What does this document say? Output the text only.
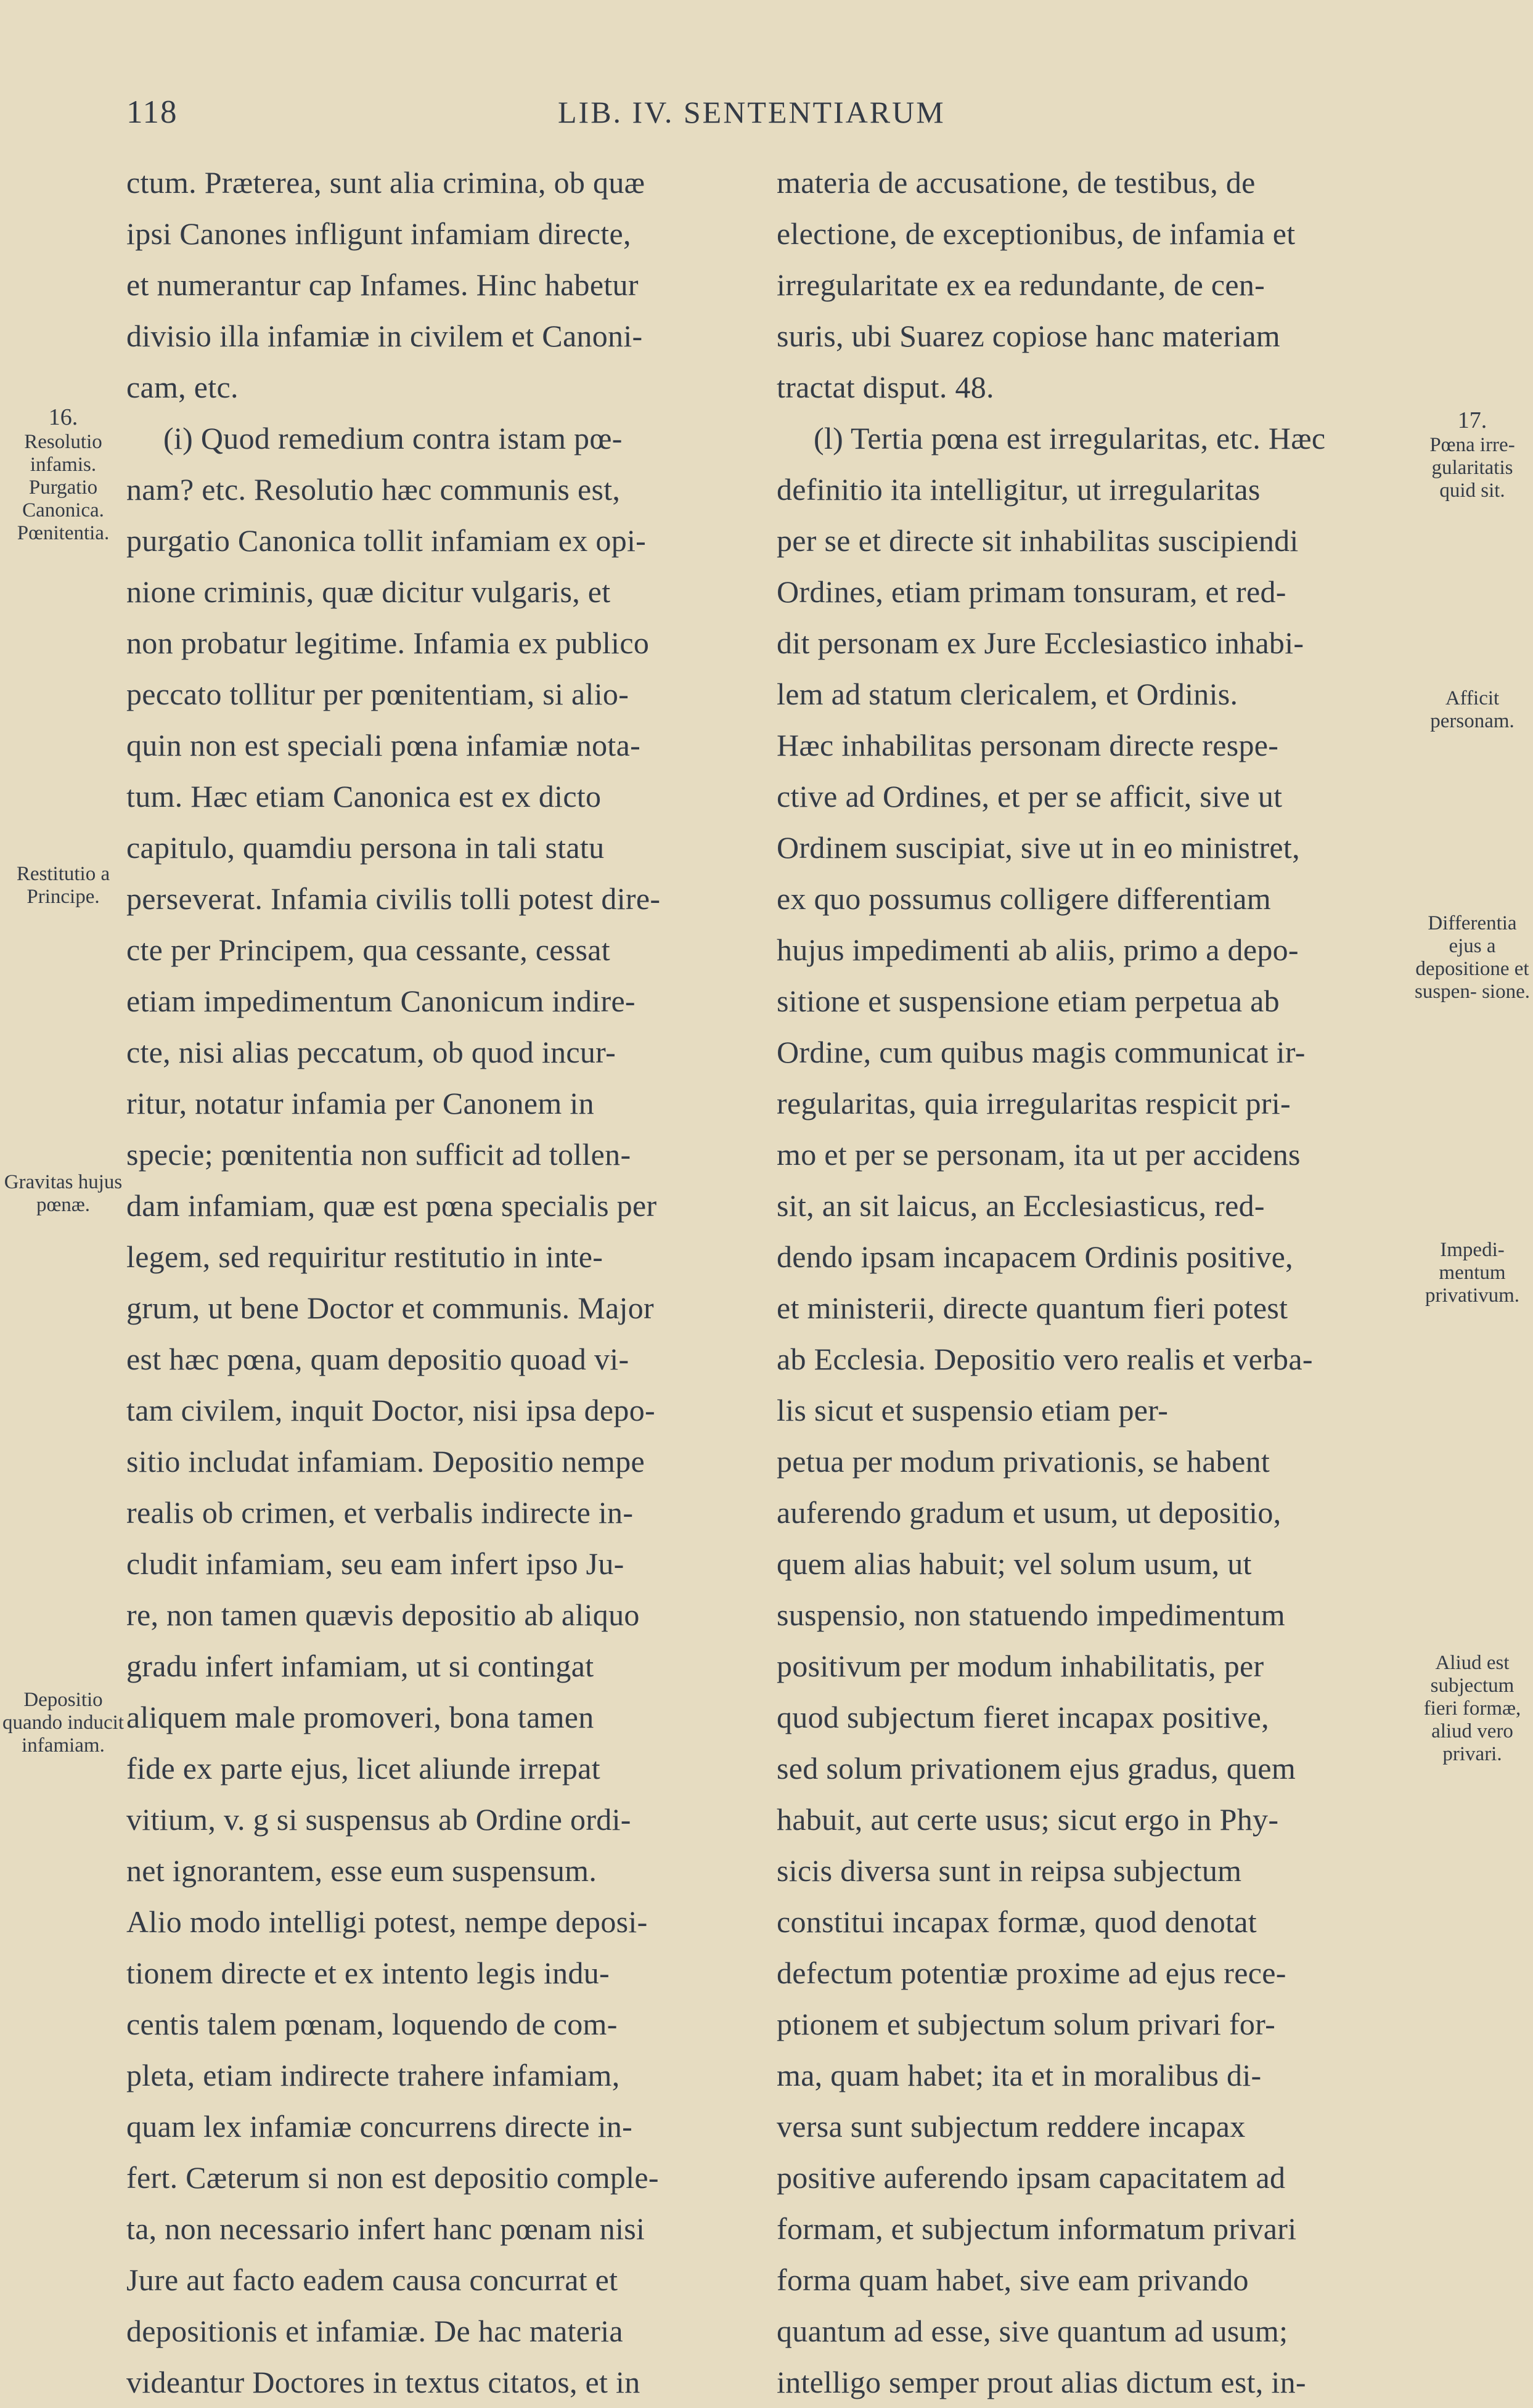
118	LIB. IV. SENTENTIARUM
ctum. Præterea, sunt alia crimina, ob quæ
ipsi Canones infligunt infamiam directe,
et numerantur cap Infames. Hinc habetur
divisio illa infamiæ in civilem et Canoni-
cam, etc.
(i) Quod remedium contra istam pœ-
nam? etc. Resolutio hæc communis est,
purgatio Canonica tollit infamiam ex opi-
nione criminis, quæ dicitur vulgaris, et
non probatur legitime. Infamia ex publico
peccato tollitur per pœnitentiam, si alio-
quin non est speciali pœna infamiæ nota-
tum. Hæc etiam Canonica est ex dicto
capitulo, quamdiu persona in tali statu
perseverat. Infamia civilis tolli potest dire-
cte per Principem, qua cessante, cessat
etiam impedimentum Canonicum indire-
cte, nisi alias peccatum, ob quod incur-
ritur, notatur infamia per Canonem in
specie; pœnitentia non sufficit ad tollen-
dam infamiam, quæ est pœna specialis per
legem, sed requiritur restitutio in inte-
grum, ut bene Doctor et communis. Major
est hæc pœna, quam depositio quoad vi-
tam civilem, inquit Doctor, nisi ipsa depo-
sitio includat infamiam. Depositio nempe
realis ob crimen, et verbalis indirecte in-
cludit infamiam, seu eam infert ipso Ju-
re, non tamen quævis depositio ab aliquo
gradu infert infamiam, ut si contingat
aliquem male promoveri, bona tamen
fide ex parte ejus, licet aliunde irrepat
vitium, v. g si suspensus ab Ordine ordi-
net ignorantem, esse eum suspensum.
Alio modo intelligi potest, nempe deposi-
tionem directe et ex intento legis indu-
centis talem pœnam, loquendo de com-
pleta, etiam indirecte trahere infamiam,
quam lex infamiæ concurrens directe in-
fert. Cæterum si non est depositio comple-
ta, non necessario infert hanc pœnam nisi
Jure aut facto eadem causa concurrat et
depositionis et infamiæ. De hac materia
videantur Doctores in textus citatos, et in
materia de accusatione, de testibus, de
electione, de exceptionibus, de infamia et
irregularitate ex ea redundante, de cen-
suris, ubi Suarez copiose hanc materiam
tractat disput. 48.
(l) Tertia pœna est irregularitas, etc. Hæc
definitio ita intelligitur, ut irregularitas
per se et directe sit inhabilitas suscipiendi
Ordines, etiam primam tonsuram, et red-
dit personam ex Jure Ecclesiastico inhabi-
lem ad statum clericalem, et Ordinis.
Hæc inhabilitas personam directe respe-
ctive ad Ordines, et per se afficit, sive ut
Ordinem suscipiat, sive ut in eo ministret,
ex quo possumus colligere differentiam
hujus impedimenti ab aliis, primo a depo-
sitione et suspensione etiam perpetua ab
Ordine, cum quibus magis communicat ir-
regularitas, quia irregularitas respicit pri-
mo et per se personam, ita ut per accidens
sit, an sit laicus, an Ecclesiasticus, red-
dendo ipsam incapacem Ordinis positive,
et ministerii, directe quantum fieri potest
ab Ecclesia. Depositio vero realis et verba-
lis sicut et suspensio etiam per-
petua per modum privationis, se habent
auferendo gradum et usum, ut depositio,
quem alias habuit; vel solum usum, ut
suspensio, non statuendo impedimentum
positivum per modum inhabilitatis, per
quod subjectum fieret incapax positive,
sed solum privationem ejus gradus, quem
habuit, aut certe usus; sicut ergo in Phy-
sicis diversa sunt in reipsa subjectum
constitui incapax formæ, quod denotat
defectum potentiæ proxime ad ejus rece-
ptionem et subjectum solum privari for-
ma, quam habet; ita et in moralibus di-
versa sunt subjectum reddere incapax
positive auferendo ipsam capacitatem ad
formam, et subjectum informatum privari
forma quam habet, sive eam privando
quantum ad esse, sive quantum ad usum;
intelligo semper prout alias dictum est, in-
16.
Resolutio infamis. Purgatio Canonica. Pœnitentia.
Restitutio a Principe.
Gravitas hujus pœnæ.
Depositio quando inducit infamiam.
17.
Pœna irre- gularitatis quid sit.
Afficit personam.
Differentia ejus a depositione et suspen- sione.
Impedi- mentum privativum.
Aliud est subjectum fieri formæ, aliud vero privari.
